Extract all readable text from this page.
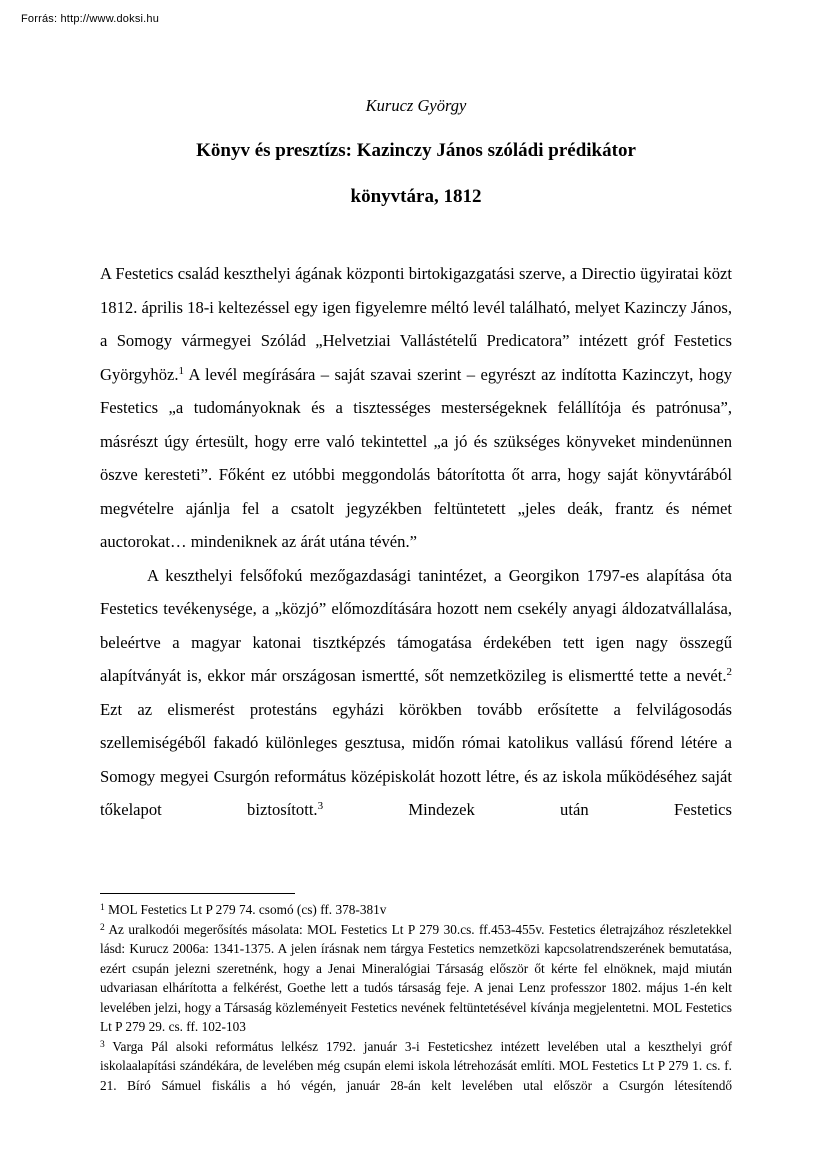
Forrás: http://www.doksi.hu
Kurucz György
Könyv és presztízs: Kazinczy János szóládi prédikátor
könyvtára, 1812

A Festetics család keszthelyi ágának központi birtokigazgatási szerve, a Directio ügyiratai közt 1812. április 18-i keltezéssel egy igen figyelemre méltó levél található, melyet Kazinczy János, a Somogy vármegyei Szólád „Helvetziai Vallástételű Predicatora” intézett gróf Festetics Györgyhöz.$^1$ A levél megírására – saját szavai szerint – egyrészt az indította Kazinczyt, hogy Festetics „a tudományoknak és a tisztességes mesterségeknek felállítója és patrónusa”, másrészt úgy értesült, hogy erre való tekintettel „a jó és szükséges könyveket mindenünnen öszve keresteti”. Főként ez utóbbi meggondolás bátorította őt arra, hogy saját könyvtárából megvételre ajánlja fel a csatolt jegyzékben feltüntetett „jeles deák, frantz és német auctorokat… mindeniknek az árát utána tévén.”

A keszthelyi felsőfokú mezőgazdasági tanintézet, a Georgikon 1797-es alapítása óta Festetics tevékenysége, a „közjó” előmozdítására hozott nem csekély anyagi áldozatvállalása, beleértve a magyar katonai tisztképzés támogatása érdekében tett igen nagy összegű alapítványát is, ekkor már országosan ismertté, sőt nemzetközileg is elismertté tette a nevét.$^2$ Ezt az elismerést protestáns egyházi körökben tovább erősítette a felvilágosodás szellemiségéből fakadó különleges gesztusa, midőn római katolikus vallású főrend létére a Somogy megyei Csurgón református középiskolát hozott létre, és az iskola működéséhez saját tőkelapot biztosított.$^3$ Mindezek után Festetics

$^1$ MOL Festetics Lt P 279 74. csomó (cs) ff. 378-381v
$^2$ Az uralkodói megerősítés másolata: MOL Festetics Lt P 279 30.cs. ff.453-455v. Festetics életrajzához részletekkel lásd: Kurucz 2006a: 1341-1375. A jelen írásnak nem tárgya Festetics nemzetközi kapcsolatrendszerének bemutatása, ezért csupán jelezni szeretnénk, hogy a Jenai Mineralógiai Társaság először őt kérte fel elnöknek, majd miután udvariasan elhárította a felkérést, Goethe lett a tudós társaság feje. A jenai Lenz professzor 1802. május 1-én kelt levelében jelzi, hogy a Társaság közleményeit Festetics nevének feltüntetésével kívánja megjelentetni. MOL Festetics Lt P 279 29. cs. ff. 102-103
$^3$ Varga Pál alsoki református lelkész 1792. január 3-i Festeticshez intézett levelében utal a keszthelyi gróf iskolaalapítási szándékára, de levelében még csupán elemi iskola létrehozását említi. MOL Festetics Lt P 279 1. cs. f. 21. Bíró Sámuel fiskális a hó végén, január 28-án kelt levelében utal először a Csurgón létesítendő
